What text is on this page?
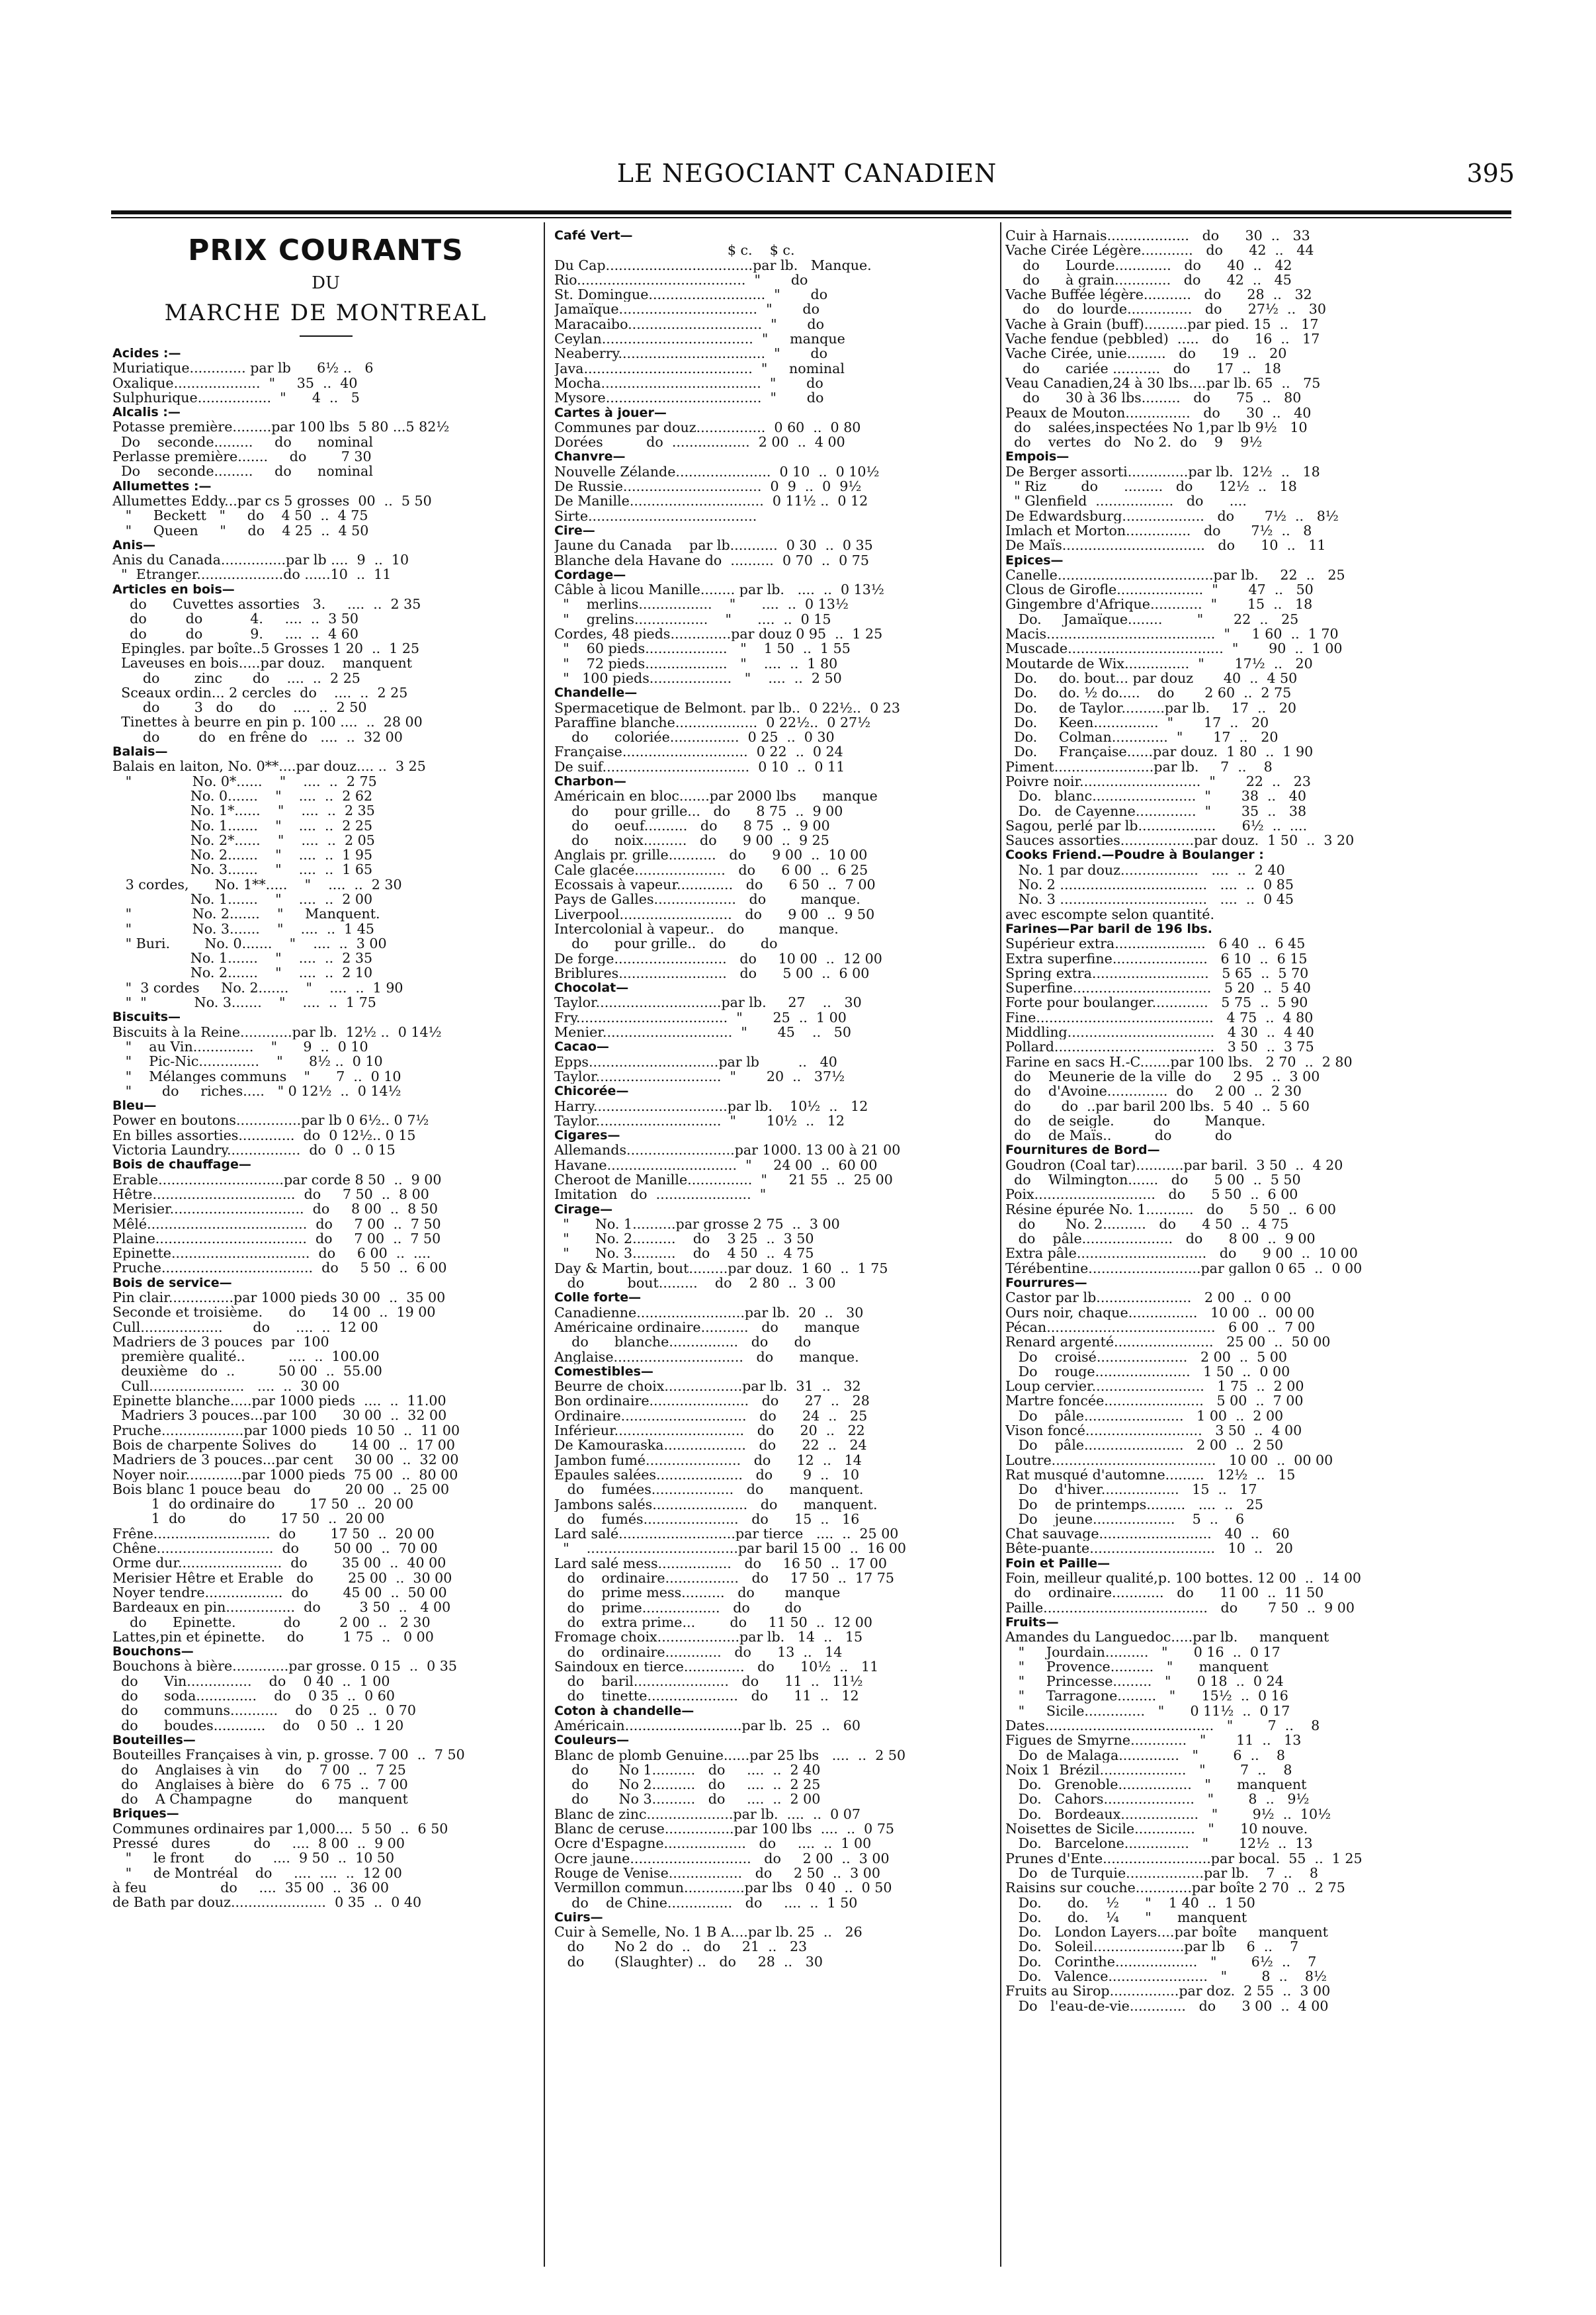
LE NEGOCIANT CANADIEN	395
PRIX COURANTS
DU
MARCHE DE MONTREAL
Acides :—
Muriatique............. par lb      6½ ..   6
Oxalique....................  "     35  ..  40
Sulphurique.................  "      4  ..   5
Alcalis :—
Potasse première.........par 100 lbs  5 80 ...5 82½
Do    seconde.........     do      nominal
Perlasse première.......     do        7 30
Do    seconde.........     do      nominal
Allumettes :—
Allumettes Eddy...par cs 5 grosses  00  ..  5 50
"     Beckett   "     do    4 50  ..  4 75
"     Queen     "     do    4 25  ..  4 50
Anis—
Anis du Canada...............par lb ....  9  ..  10
"  Etranger....................do ......10  ..  11
Articles en bois—
do      Cuvettes assorties   3.     ....  ..  2 35
do         do           4.     ....  ..  3 50
do         do           9.     ....  ..  4 60
Epingles. par boîte..5 Grosses 1 20  ..  1 25
Laveuses en bois.....par douz.    manquent
do        zinc       do    ....  ..  2 25
Sceaux ordin... 2 cercles  do    ....  ..  2 25
do        3   do      do    ....  ..  2 50
Tinettes à beurre en pin p. 100 ....  ..  28 00
do         do   en frêne do   ....  ..  32 00
Balais—
Balais en laiton, No. 0**....par douz.... ..  3 25
"              No. 0*......    "    ....  ..  2 75
No. 0.......    "    ....  ..  2 62
No. 1*......    "    ....  ..  2 35
No. 1.......    "    ....  ..  2 25
No. 2*......    "    ....  ..  2 05
No. 2.......    "    ....  ..  1 95
No. 3.......    "    ....  ..  1 65
3 cordes,      No. 1**.....    "    ....  ..  2 30
No. 1.......    "    ....  ..  2 00
"              No. 2.......    "     Manquent.
"              No. 3.......    "    ....  ..  1 45
" Buri.        No. 0.......    "    ....  ..  3 00
No. 1.......    "    ....  ..  2 35
No. 2.......    "    ....  ..  2 10
"  3 cordes     No. 2.......    "    ....  ..  1 90
"  "           No. 3.......    "    ....  ..  1 75
Biscuits—
Biscuits à la Reine............par lb.  12½ ..  0 14½
"    au Vin..............    "      9  ..  0 10
"    Pic-Nic..............    "      8½ ..  0 10
"    Mélanges communs    "      7  ..  0 10
"       do     riches.....   " 0 12½  ..  0 14½
Bleu—
Power en boutons...............par lb 0 6½.. 0 7½
En billes assorties.............  do  0 12½.. 0 15
Victoria Laundry.................  do  0  .. 0 15
Bois de chauffage—
Erable.............................par corde 8 50  ..  9 00
Hêtre.................................  do     7 50  ..  8 00
Merisier...............................  do     8 00  ..  8 50
Mêlé.....................................  do     7 00  ..  7 50
Plaine...................................  do     7 00  ..  7 50
Epinette................................  do     6 00  ..  ....
Pruche...................................  do     5 50  ..  6 00
Bois de service—
Pin clair...............par 1000 pieds 30 00  ..  35 00
Seconde et troisième.      do      14 00  ..  19 00
Cull...................       do      ....  ..  12 00
Madriers de 3 pouces  par  100
première qualité..          ....  ..  100.00
deuxième   do  ..          50 00  ..  55.00
Cull......................   ....  ..  30 00
Epinette blanche.....par 1000 pieds  ....  ..  11.00
Madriers 3 pouces...par 100      30 00  ..  32 00
Pruche...................par 1000 pieds  10 50  ..  11 00
Bois de charpente Solives  do        14 00  ..  17 00
Madriers de 3 pouces...par cent     30 00  ..  32 00
Noyer noir.............par 1000 pieds  75 00  ..  80 00
Bois blanc 1 pouce beau   do        20 00  ..  25 00
1  do ordinaire do        17 50  ..  20 00
1  do          do        17 50  ..  20 00
Frêne...........................  do        17 50  ..  20 00
Chêne...........................  do        50 00  ..  70 00
Orme dur........................  do        35 00  ..  40 00
Merisier Hêtre et Erable   do        25 00  ..  30 00
Noyer tendre..................  do        45 00  ..  50 00
Bardeaux en pin................  do         3 50  ..   4 00
do      Epinette.           do         2 00  ..   2 30
Lattes,pin et épinette.     do         1 75  ..   0 00
Bouchons—
Bouchons à bière.............par grosse. 0 15  ..  0 35
do      Vin...............    do    0 40  ..  1 00
do      soda..............    do    0 35  ..  0 60
do      communs...........    do    0 25  ..  0 70
do      boudes............    do    0 50  ..  1 20
Bouteilles—
Bouteilles Françaises à vin, p. grosse. 7 00  ..  7 50
do    Anglaises à vin      do    7 00  ..  7 25
do    Anglaises à bière   do    6 75  ..  7 00
do    A Champagne          do      manquent
Briques—
Communes ordinaires par 1,000....  5 50  ..  6 50
Pressé   dures          do     ....  8 00  ..  9 00
"     le front       do     ....  9 50  ..  10 50
"     de Montréal    do     ....  ....  ..  12 00
à feu                 do     ....  35 00  ..  36 00
de Bath par douz......................  0 35  ..  0 40
Café Vert—
$ c.    $ c.
Du Cap..................................par lb.   Manque.
Rio.......................................  "       do
St. Domingue...........................  "       do
Jamaïque................................  "       do
Maracaibo...............................  "       do
Ceylan...................................  "     manque
Neaberry..................................  "       do
Java.......................................  "     nominal
Mocha.....................................  "       do
Mysore....................................  "       do
Cartes à jouer—
Communes par douz................  0 60  ..  0 80
Dorées          do  ..................  2 00  ..  4 00
Chanvre—
Nouvelle Zélande......................  0 10  ..  0 10½
De Russie................................  0  9  ..  0  9½
De Manille...............................  0 11½ ..  0 12
Sirte.......................................
Cire—
Jaune du Canada    par lb...........  0 30  ..  0 35
Blanche dela Havane do  ..........  0 70  ..  0 75
Cordage—
Câble à licou Manille........ par lb.   ....  ..  0 13½
"    merlins.................    "      ....  ..  0 13½
"    grelins.................    "      ....  ..  0 15
Cordes, 48 pieds..............par douz 0 95  ..  1 25
"    60 pieds...................   "    1 50  ..  1 55
"    72 pieds...................   "    ....  ..  1 80
"   100 pieds...................   "    ....  ..  2 50
Chandelle—
Spermacetique de Belmont. par lb..  0 22½..  0 23
Paraffine blanche...................  0 22½..  0 27½
do      coloriée................  0 25  ..  0 30
Française.............................  0 22  ..  0 24
De suif..................................  0 10  ..  0 11
Charbon—
Américain en bloc.......par 2000 lbs      manque
do      pour grille...   do      8 75  ..  9 00
do      oeuf..........   do      8 75  ..  9 00
do      noix..........   do      9 00  ..  9 25
Anglais pr. grille...........   do      9 00  ..  10 00
Cale glacée.....................   do      6 00  ..  6 25
Ecossais à vapeur.............   do      6 50  ..  7 00
Pays de Galles...................   do        manque.
Liverpool..........................   do      9 00  ..  9 50
Intercolonial à vapeur..   do        manque.
do      pour grille..   do        do
De forge..........................   do     10 00  ..  12 00
Briblures.........................   do      5 00  ..  6 00
Chocolat—
Taylor.............................par lb.     27    ..   30
Fry...................................  "       25  ..  1 00
Menier..............................  "       45    ..   50
Cacao—
Epps..............................par lb         ..   40
Taylor.............................  "       20  ..   37½
Chicorée—
Harry...............................par lb.    10½  ..   12
Taylor.............................  "       10½  ..   12
Cigares—
Allemands.........................par 1000. 13 00 à 21 00
Havane..............................  "     24 00  ..  60 00
Cheroot de Manille...............  "     21 55  ..  25 00
Imitation   do  ......................  "
Cirage—
"      No. 1..........par grosse 2 75  ..  3 00
"      No. 2..........    do    3 25  ..  3 50
"      No. 3..........    do    4 50  ..  4 75
Day & Martin, bout.........par douz.  1 60  ..  1 75
do          bout.........    do    2 80  ..  3 00
Colle forte—
Canadienne.........................par lb.  20  ..   30
Américaine ordinaire...........   do      manque
do      blanche................   do      do
Anglaise..............................   do      manque.
Comestibles—
Beurre de choix..................par lb.  31  ..   32
Bon ordinaire.......................   do      27  ..   28
Ordinaire.............................   do      24  ..   25
Inférieur..............................   do      20  ..   22
De Kamouraska...................   do      22  ..   24
Jambon fumé......................   do      12  ..   14
Epaules salées....................   do       9  ..   10
do    fumées...................   do      manquent.
Jambons salés......................   do      manquent.
do    fumés......................   do      15  ..   16
Lard salé...........................par tierce   ....  ..  25 00
"    ...................................par baril 15 00  ..  16 00
Lard salé mess.................   do     16 50  ..  17 00
do    ordinaire.................   do     17 50  ..  17 75
do    prime mess..........   do       manque
do    prime..................   do        do
do    extra prime...        do     11 50  ..  12 00
Fromage choix...................par lb.   14  ..   15
do    ordinaire.............   do      13  ..   14
Saindoux en tierce..............   do      10½  ..   11
do    baril......................   do      11  ..   11½
do    tinette.....................   do      11  ..   12
Coton à chandelle—
Américain...........................par lb.  25  ..   60
Couleurs—
Blanc de plomb Genuine......par 25 lbs   ....  ..  2 50
do       No 1..........   do     ....  ..  2 40
do       No 2..........   do     ....  ..  2 25
do       No 3..........   do     ....  ..  2 00
Blanc de zinc....................par lb.  ....  ..  0 07
Blanc de ceruse................par 100 lbs  ....  ..  0 75
Ocre d'Espagne...................   do     ....  ..  1 00
Ocre jaune............................   do     2 00  ..  3 00
Rouge de Venise.................   do     2 50  ..  3 00
Vermillon commun..............par lbs   0 40  ..  0 50
do    de Chine...............   do     ....  ..  1 50
Cuirs—
Cuir à Semelle, No. 1 B A....par lb. 25  ..   26
do       No 2  do  ..   do     21  ..   23
do       (Slaughter) ..   do     28  ..   30
Cuir à Harnais...................   do      30  ..   33
Vache Cirée Légère............   do      42  ..   44
do      Lourde.............   do      40  ..   42
do      à grain.............   do      42  ..   45
Vache Buffée légère...........   do      28  ..   32
do    do  lourde...............   do      27½  ..   30
Vache à Grain (buff)..........par pied. 15  ..   17
Vache fendue (pebbled)  .....   do      16  ..   17
Vache Cirée, unie.........   do      19  ..   20
do      cariée ...........   do      17  ..   18
Veau Canadien,24 à 30 lbs....par lb. 65  ..   75
do      30 à 36 lbs.........   do      75  ..   80
Peaux de Mouton...............   do      30  ..   40
do    salées,inspectées No 1,par lb 9½   10
do    vertes   do   No 2.  do    9    9½
Empois—
De Berger assorti..............par lb.  12½  ..   18
" Riz        do      .........   do      12½  ..   18
" Glenfield  ..................   do      ....
De Edwardsburg...................   do       7½  ..   8½
Imlach et Morton...............   do       7½  ..   8
De Maïs.................................   do      10  ..   11
Epices—
Canelle....................................par lb.     22  ..   25
Clous de Girofle....................  "       47  ..   50
Gingembre d'Afrique............  "       15  ..   18
Do.     Jamaïque........        "       22  ..   25
Macis.......................................  "     1 60  ..  1 70
Muscade....................................  "       90  ..  1 00
Moutarde de Wix...............  "       17½  ..   20
Do.     do. bout... par douz       40  ..  4 50
Do.     do. ½ do.....    do       2 60  ..  2 75
Do.     de Taylor..........par lb.     17  ..   20
Do.     Keen...............  "       17  ..   20
Do.     Colman.............  "       17  ..   20
Do.     Française......par douz.  1 80  ..  1 90
Piment.......................par lb.     7  ..    8
Poivre noir............................  "       22  ..   23
Do.   blanc........................  "       38  ..   40
Do.   de Cayenne..............  "       35  ..   38
Sagou, perlé par lb..................      6½  ..  ....
Sauces assorties.................par douz.  1 50  ..  3 20
Cooks Friend.—Poudre à Boulanger :
No. 1 par douz..................   ....  ..  2 40
No. 2 ..................................   ....  ..  0 85
No. 3 ..................................   ....  ..  0 45
avec escompte selon quantité.
Farines—Par baril de 196 lbs.
Supérieur extra.....................   6 40  ..  6 45
Extra superfine......................   6 10  ..  6 15
Spring extra...........................   5 65  ..  5 70
Superfine................................   5 20  ..  5 40
Forte pour boulanger.............   5 75  ..  5 90
Fine.........................................   4 75  ..  4 80
Middling..................................   4 30  ..  4 40
Pollard.....................................   3 50  ..  3 75
Farine en sacs H.-C.......par 100 lbs.   2 70  ..  2 80
do    Meunerie de la ville  do     2 95  ..  3 00
do    d'Avoine..............  do     2 00  ..  2 30
do       do  ..par baril 200 lbs.  5 40  ..  5 60
do    de seigle.         do        Manque.
do    de Maïs..          do          do
Fournitures de Bord—
Goudron (Coal tar)...........par baril.  3 50  ..  4 20
do    Wilmington.......   do      5 00  ..  5 50
Poix............................   do      5 50  ..  6 00
Résine épurée No. 1...........   do      5 50  ..  6 00
do       No. 2..........   do      4 50  ..  4 75
do    pâle.....................   do      8 00  ..  9 00
Extra pâle..............................   do      9 00  ..  10 00
Térébentine..........................par gallon 0 65  ..  0 00
Fourrures—
Castor par lb......................   2 00  ..  0 00
Ours noir, chaque................   10 00  ..  00 00
Pécan.......................................   6 00  ..  7 00
Renard argenté.......................   25 00  ..  50 00
Do    croisé.....................   2 00  ..  5 00
Do    rouge......................   1 50  ..  0 00
Loup cervier..........................   1 75  ..  2 00
Martre foncée.......................   5 00  ..  7 00
Do    pâle.......................   1 00  ..  2 00
Vison foncé...........................   3 50  ..  4 00
Do    pâle.......................   2 00  ..  2 50
Loutre......................................   10 00  ..  00 00
Rat musqué d'automne.........   12½  ..   15
Do    d'hiver..................   15  ..   17
Do    de printemps.........   ....  ..   25
Do    jeune...................    5  ..    6
Chat sauvage..........................   40  ..   60
Bête-puante.............................   10  ..   20
Foin et Paille—
Foin, meilleur qualité,p. 100 bottes. 12 00  ..  14 00
do    ordinaire............   do      11 00  ..  11 50
Paille......................................   do       7 50  ..  9 00
Fruits—
Amandes du Languedoc.....par lb.     manquent
"     Jourdain..........   "      0 16  ..  0 17
"     Provence..........   "      manquent
"     Princesse.........   "      0 18  ..  0 24
"     Tarragone.........   "      15½  ..  0 16
"     Sicile..............   "      0 11½  ..  0 17
Dates.......................................   "        7  ..    8
Figues de Smyrne.............   "       11  ..   13
Do  de Malaga..............   "        6  ..    8
Noix 1  Brézil....................   "        7  ..    8
Do.   Grenoble.................   "      manquent
Do.   Cahors.....................   "        8  ..   9½
Do.   Bordeaux..................   "        9½  ..  10½
Noisettes de Sicile..............   "      10 nouve.
Do.   Barcelone...............   "       12½  ..  13
Prunes d'Ente.........................par bocal.  55  ..  1 25
Do   de Turquie..................par lb.    7  ..    8
Raisins sur couche.............par boîte 2 70  ..  2 75
Do.      do.    ½      "    1 40  ..  1 50
Do.      do.    ¼      "      manquent
Do.   London Layers....par boîte     manquent
Do.   Soleil.....................par lb     6  ..    7
Do.   Corinthe...................   "        6½  ..    7
Do.   Valence.......................   "        8  ..    8½
Fruits au Sirop................par doz.  2 55  ..  3 00
Do   l'eau-de-vie.............   do      3 00  ..  4 00
